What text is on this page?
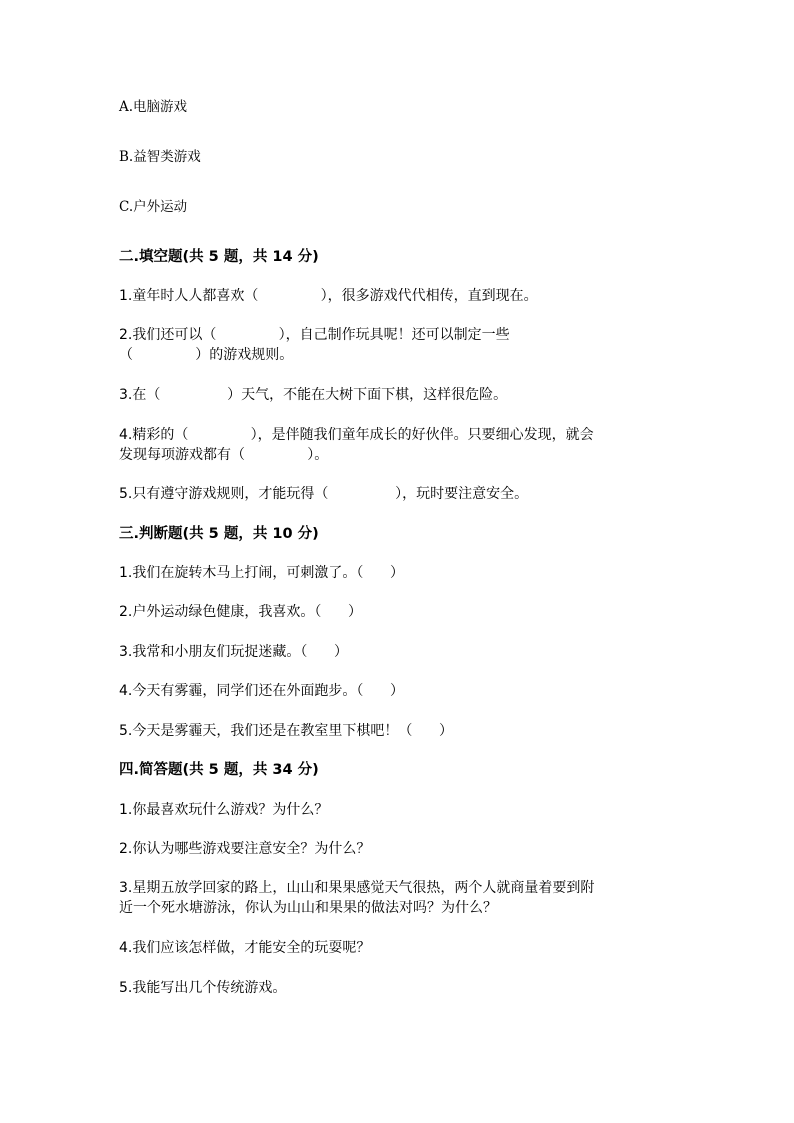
A.电脑游戏
B.益智类游戏
C.户外运动
二.填空题(共 5 题，共 14 分)
1.童年时人人都喜欢（              ），很多游戏代代相传，直到现在。
2.我们还可以（              ），自己制作玩具呢！还可以制定一些
（              ）的游戏规则。
3.在（               ）天气，不能在大树下面下棋，这样很危险。
4.精彩的（              ），是伴随我们童年成长的好伙伴。只要细心发现，就会
发现每项游戏都有（              ）。
5.只有遵守游戏规则，才能玩得（               ），玩时要注意安全。
三.判断题(共 5 题，共 10 分)
1.我们在旋转木马上打闹，可刺激了。（      ）
2.户外运动绿色健康，我喜欢。（      ）
3.我常和小朋友们玩捉迷藏。（      ）
4.今天有雾霾，同学们还在外面跑步。（      ）
5.今天是雾霾天，我们还是在教室里下棋吧！（      ）
四.简答题(共 5 题，共 34 分)
1.你最喜欢玩什么游戏？为什么？
2.你认为哪些游戏要注意安全？为什么？
3.星期五放学回家的路上，山山和果果感觉天气很热，两个人就商量着要到附
近一个死水塘游泳，你认为山山和果果的做法对吗？为什么？
4.我们应该怎样做，才能安全的玩耍呢？
5.我能写出几个传统游戏。
